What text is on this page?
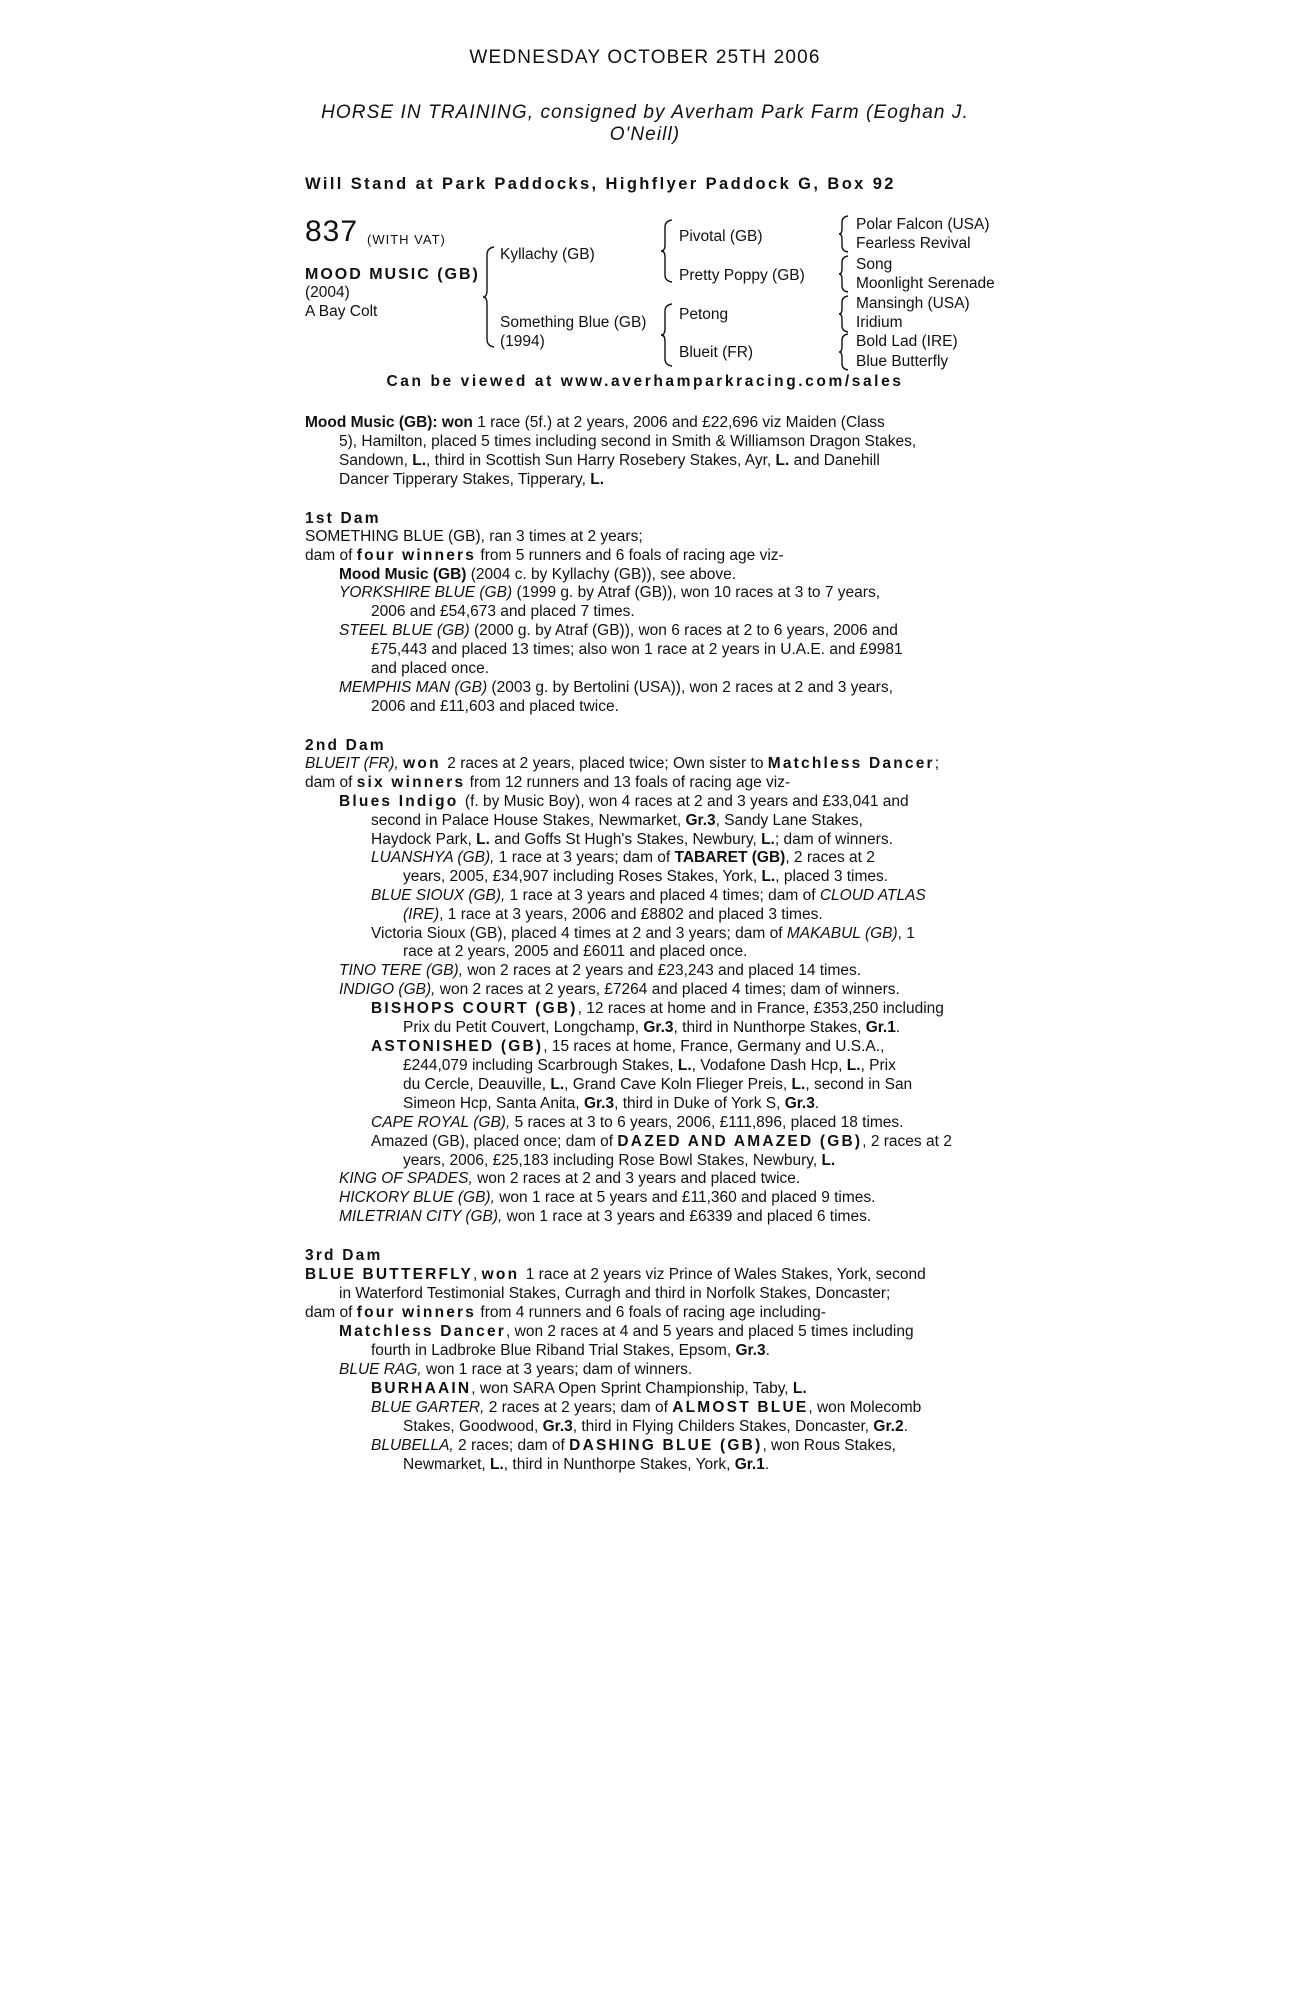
WEDNESDAY OCTOBER 25TH 2006
HORSE IN TRAINING, consigned by Averham Park Farm (Eoghan J.
O'Neill)
Will Stand at Park Paddocks, Highflyer Paddock G, Box 92
837 (WITH VAT)
MOOD MUSIC (GB)
(2004)
A Bay Colt
Kyllachy (GB)
Something Blue (GB)
(1994)
Pivotal (GB)
Pretty Poppy (GB)
Petong
Blueit (FR)
Polar Falcon (USA)
Fearless Revival
Song
Moonlight Serenade
Mansingh (USA)
Iridium
Bold Lad (IRE)
Blue Butterfly
Can be viewed at www.averhamparkracing.com/sales
Mood Music (GB): won 1 race (5f.) at 2 years, 2006 and £22,696 viz Maiden (Class
5), Hamilton, placed 5 times including second in Smith & Williamson Dragon Stakes,
Sandown, L., third in Scottish Sun Harry Rosebery Stakes, Ayr, L. and Danehill
Dancer Tipperary Stakes, Tipperary, L.
1st Dam
SOMETHING BLUE (GB), ran 3 times at 2 years;
dam of four winners from 5 runners and 6 foals of racing age viz-
Mood Music (GB) (2004 c. by Kyllachy (GB)), see above.
YORKSHIRE BLUE (GB) (1999 g. by Atraf (GB)), won 10 races at 3 to 7 years,
2006 and £54,673 and placed 7 times.
STEEL BLUE (GB) (2000 g. by Atraf (GB)), won 6 races at 2 to 6 years, 2006 and
£75,443 and placed 13 times; also won 1 race at 2 years in U.A.E. and £9981
and placed once.
MEMPHIS MAN (GB) (2003 g. by Bertolini (USA)), won 2 races at 2 and 3 years,
2006 and £11,603 and placed twice.
2nd Dam
BLUEIT (FR), won 2 races at 2 years, placed twice; Own sister to Matchless Dancer;
dam of six winners from 12 runners and 13 foals of racing age viz-
Blues Indigo (f. by Music Boy), won 4 races at 2 and 3 years and £33,041 and
second in Palace House Stakes, Newmarket, Gr.3, Sandy Lane Stakes,
Haydock Park, L. and Goffs St Hugh's Stakes, Newbury, L.; dam of winners.
LUANSHYA (GB), 1 race at 3 years; dam of TABARET (GB), 2 races at 2
years, 2005, £34,907 including Roses Stakes, York, L., placed 3 times.
BLUE SIOUX (GB), 1 race at 3 years and placed 4 times; dam of CLOUD ATLAS
(IRE), 1 race at 3 years, 2006 and £8802 and placed 3 times.
Victoria Sioux (GB), placed 4 times at 2 and 3 years; dam of MAKABUL (GB), 1
race at 2 years, 2005 and £6011 and placed once.
TINO TERE (GB), won 2 races at 2 years and £23,243 and placed 14 times.
INDIGO (GB), won 2 races at 2 years, £7264 and placed 4 times; dam of winners.
BISHOPS COURT (GB), 12 races at home and in France, £353,250 including
Prix du Petit Couvert, Longchamp, Gr.3, third in Nunthorpe Stakes, Gr.1.
ASTONISHED (GB), 15 races at home, France, Germany and U.S.A.,
£244,079 including Scarbrough Stakes, L., Vodafone Dash Hcp, L., Prix
du Cercle, Deauville, L., Grand Cave Koln Flieger Preis, L., second in San
Simeon Hcp, Santa Anita, Gr.3, third in Duke of York S, Gr.3.
CAPE ROYAL (GB), 5 races at 3 to 6 years, 2006, £111,896, placed 18 times.
Amazed (GB), placed once; dam of DAZED AND AMAZED (GB), 2 races at 2
years, 2006, £25,183 including Rose Bowl Stakes, Newbury, L.
KING OF SPADES, won 2 races at 2 and 3 years and placed twice.
HICKORY BLUE (GB), won 1 race at 5 years and £11,360 and placed 9 times.
MILETRIAN CITY (GB), won 1 race at 3 years and £6339 and placed 6 times.
3rd Dam
BLUE BUTTERFLY, won 1 race at 2 years viz Prince of Wales Stakes, York, second
in Waterford Testimonial Stakes, Curragh and third in Norfolk Stakes, Doncaster;
dam of four winners from 4 runners and 6 foals of racing age including-
Matchless Dancer, won 2 races at 4 and 5 years and placed 5 times including
fourth in Ladbroke Blue Riband Trial Stakes, Epsom, Gr.3.
BLUE RAG, won 1 race at 3 years; dam of winners.
BURHAAIN, won SARA Open Sprint Championship, Taby, L.
BLUE GARTER, 2 races at 2 years; dam of ALMOST BLUE, won Molecomb
Stakes, Goodwood, Gr.3, third in Flying Childers Stakes, Doncaster, Gr.2.
BLUBELLA, 2 races; dam of DASHING BLUE (GB), won Rous Stakes,
Newmarket, L., third in Nunthorpe Stakes, York, Gr.1.
